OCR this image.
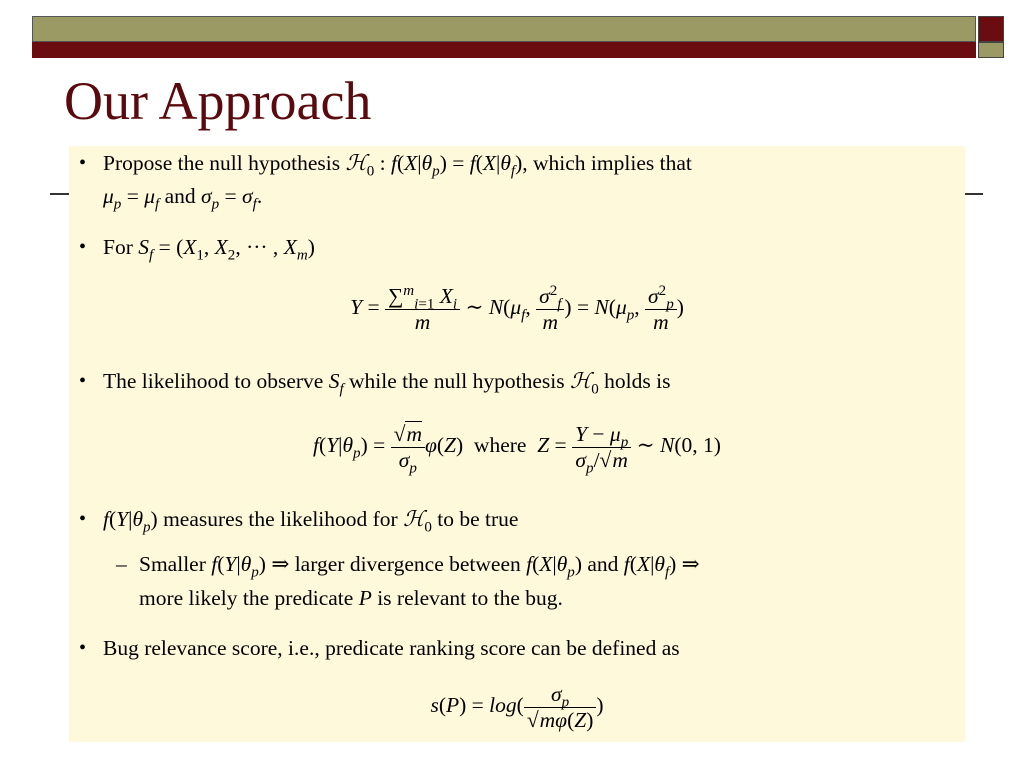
Our Approach
• Propose the null hypothesis ℋ$_0$ : $f(X|\theta_p) = f(X|\theta_f)$, which implies that
$\mu_p = \mu_f$ and $\sigma_p = \sigma_f$.
• For $S_f = (X_1$, $X_2$, ··· , $X_m$)
$Y = \frac{\sum^m_{i=1} X_i}{m}$ ∼ $N(\mu_f$, $\frac{\sigma^2_f}{m}$ ) = $N(\mu_p$, $\frac{\sigma^2_p}{m}$ )
• The likelihood to observe $S_f$ while the null hypothesis ℋ$_0$ holds is
$f(Y|\theta_p) = \frac{√m}{\sigma_p} \varphi(Z)$  where  $Z = \frac{Y - \mu_p}{\sigma_p/√m}$ ∼ N(0, 1)
• $f(Y|\theta_p)$ measures the likelihood for ℋ$_0$ to be true
– Smaller $f(Y|\theta_p)$ ⇒ larger divergence between $f(X|\theta_p)$ and $f(X|\theta_f)$ ⇒
more likely the predicate P is relevant to the bug.
• Bug relevance score, i.e., predicate ranking score can be defined as
$s(P) = \log( \frac{\sigma_p}{√m\varphi(Z)}$ )
